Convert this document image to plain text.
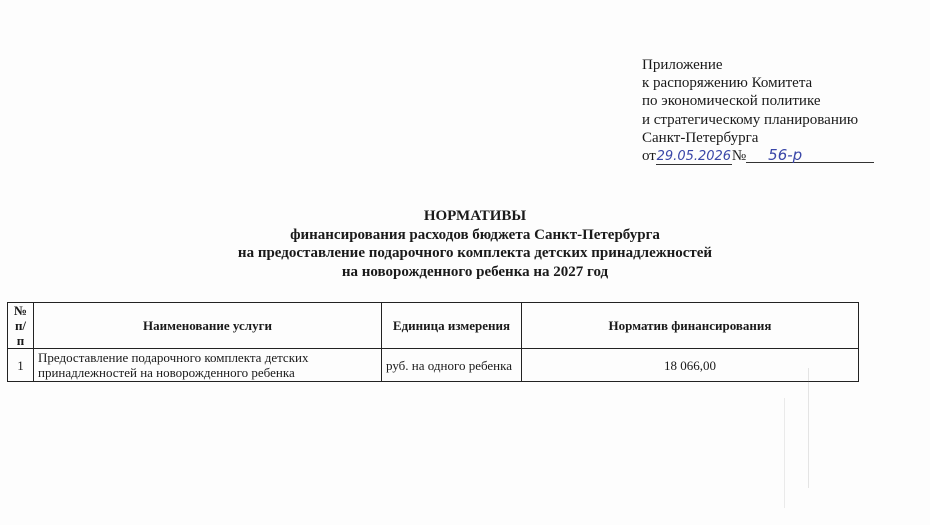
Приложение
к распоряжению Комитета
по экономической политике
и стратегическому планированию
Санкт-Петербурга
от29.05.2026№ 56-р
НОРМАТИВЫ
финансирования расходов бюджета Санкт-Петербурга
на предоставление подарочного комплекта детских принадлежностей
на новорожденного ребенка на 2027 год
№
п/п	Наименование услуги	Единица измерения	Норматив финансирования
1	Предоставление подарочного комплекта детских
принадлежностей на новорожденного ребенка	руб. на одного ребенка	18 066,00
